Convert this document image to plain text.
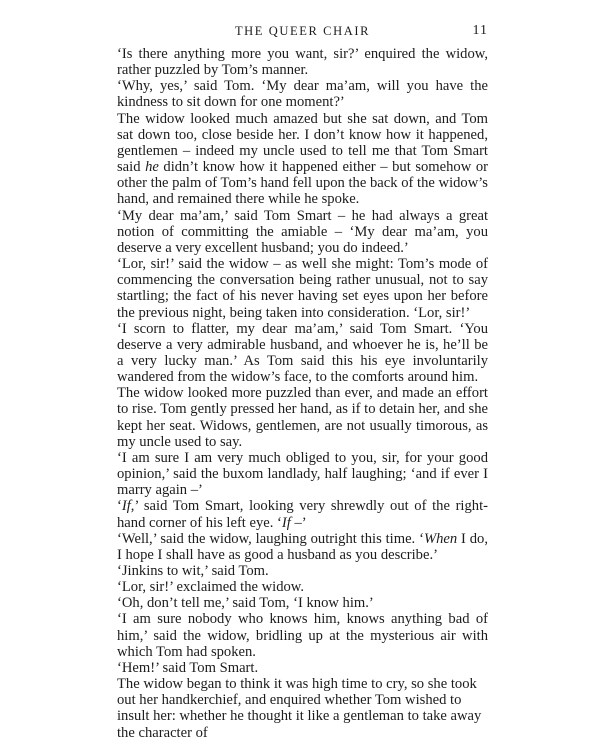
THE QUEER CHAIR	11

‘Is there anything more you want, sir?’ enquired the widow, rather puzzled by Tom’s manner.

‘Why, yes,’ said Tom. ‘My dear ma’am, will you have the kindness to sit down for one moment?’

The widow looked much amazed but she sat down, and Tom sat down too, close beside her. I don’t know how it happened, gentlemen – indeed my uncle used to tell me that Tom Smart said he didn’t know how it happened either – but somehow or other the palm of Tom’s hand fell upon the back of the widow’s hand, and remained there while he spoke.

‘My dear ma’am,’ said Tom Smart – he had always a great notion of committing the amiable – ‘My dear ma’am, you deserve a very excellent husband; you do indeed.’

‘Lor, sir!’ said the widow – as well she might: Tom’s mode of commencing the conversation being rather unusual, not to say startling; the fact of his never having set eyes upon her before the previous night, being taken into consideration. ‘Lor, sir!’

‘I scorn to flatter, my dear ma’am,’ said Tom Smart. ‘You deserve a very admirable husband, and whoever he is, he’ll be a very lucky man.’ As Tom said this his eye involuntarily wandered from the widow’s face, to the comforts around him.

The widow looked more puzzled than ever, and made an effort to rise. Tom gently pressed her hand, as if to detain her, and she kept her seat. Widows, gentlemen, are not usually timorous, as my uncle used to say.

‘I am sure I am very much obliged to you, sir, for your good opinion,’ said the buxom landlady, half laughing; ‘and if ever I marry again –’

‘If,’ said Tom Smart, looking very shrewdly out of the right-hand corner of his left eye. ‘If –’

‘Well,’ said the widow, laughing outright this time. ‘When I do, I hope I shall have as good a husband as you describe.’

‘Jinkins to wit,’ said Tom.

‘Lor, sir!’ exclaimed the widow.

‘Oh, don’t tell me,’ said Tom, ‘I know him.’

‘I am sure nobody who knows him, knows anything bad of him,’ said the widow, bridling up at the mysterious air with which Tom had spoken.

‘Hem!’ said Tom Smart.

The widow began to think it was high time to cry, so she took out her handkerchief, and enquired whether Tom wished to insult her: whether he thought it like a gentleman to take away the character of
